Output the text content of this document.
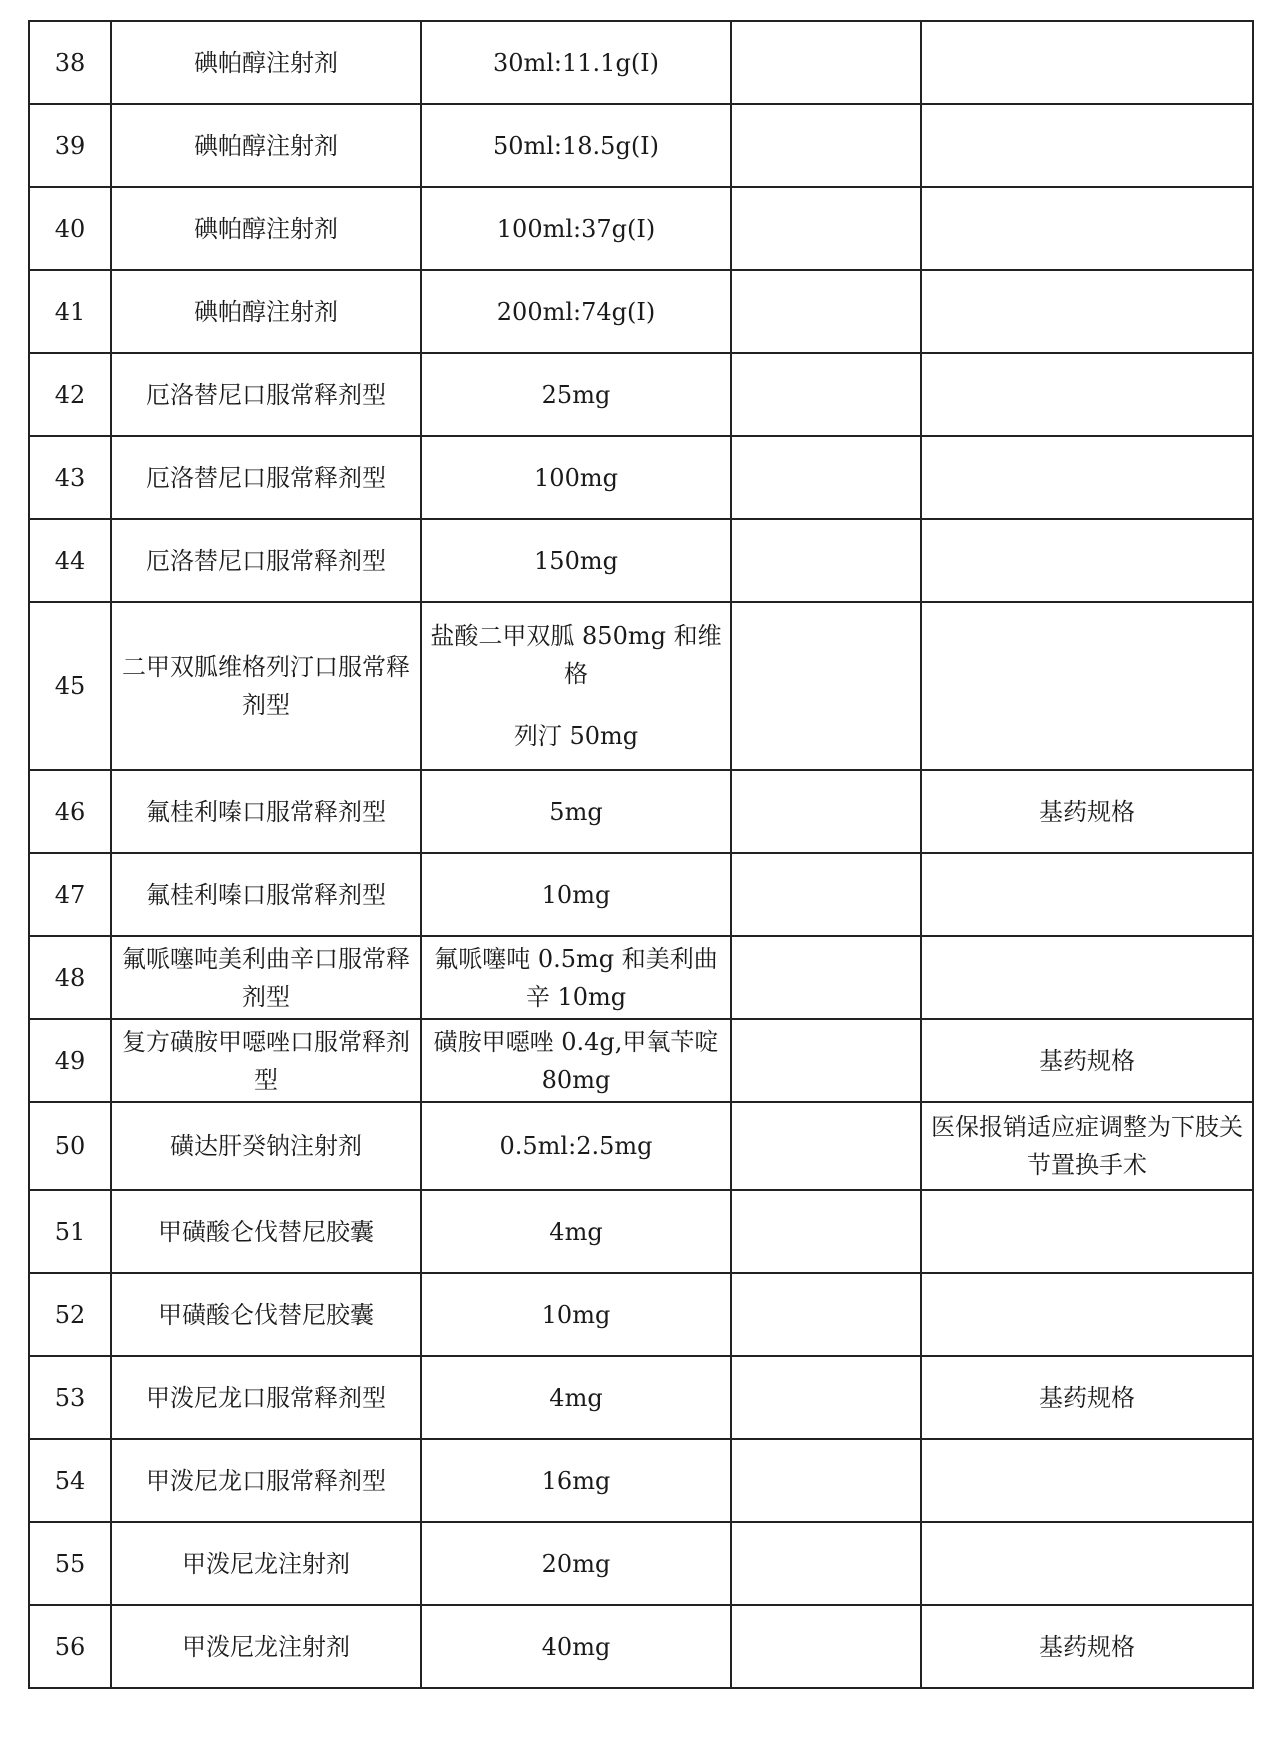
38	碘帕醇注射剂	30ml:11.1g(I)		

39	碘帕醇注射剂	50ml:18.5g(I)		

40	碘帕醇注射剂	100ml:37g(I)		

41	碘帕醇注射剂	200ml:74g(I)		

42	厄洛替尼口服常释剂型	25mg		

43	厄洛替尼口服常释剂型	100mg		

44	厄洛替尼口服常释剂型	150mg		

45	二甲双胍维格列汀口服常释剂型	盐酸二甲双胍 850mg 和维格
列汀 50mg		

46	氟桂利嗪口服常释剂型	5mg		基药规格
47	氟桂利嗪口服常释剂型	10mg		

48	氟哌噻吨美利曲辛口服常释剂型	氟哌噻吨 0.5mg 和美利曲辛 10mg		

49	复方磺胺甲噁唑口服常释剂型	磺胺甲噁唑 0.4g,甲氧苄啶 80mg		基药规格
50	磺达肝癸钠注射剂	0.5ml:2.5mg		医保报销适应症调整为下肢关节置换手术
51	甲磺酸仑伐替尼胶囊	4mg		

52	甲磺酸仑伐替尼胶囊	10mg		

53	甲泼尼龙口服常释剂型	4mg		基药规格
54	甲泼尼龙口服常释剂型	16mg		

55	甲泼尼龙注射剂	20mg		

56	甲泼尼龙注射剂	40mg		基药规格
